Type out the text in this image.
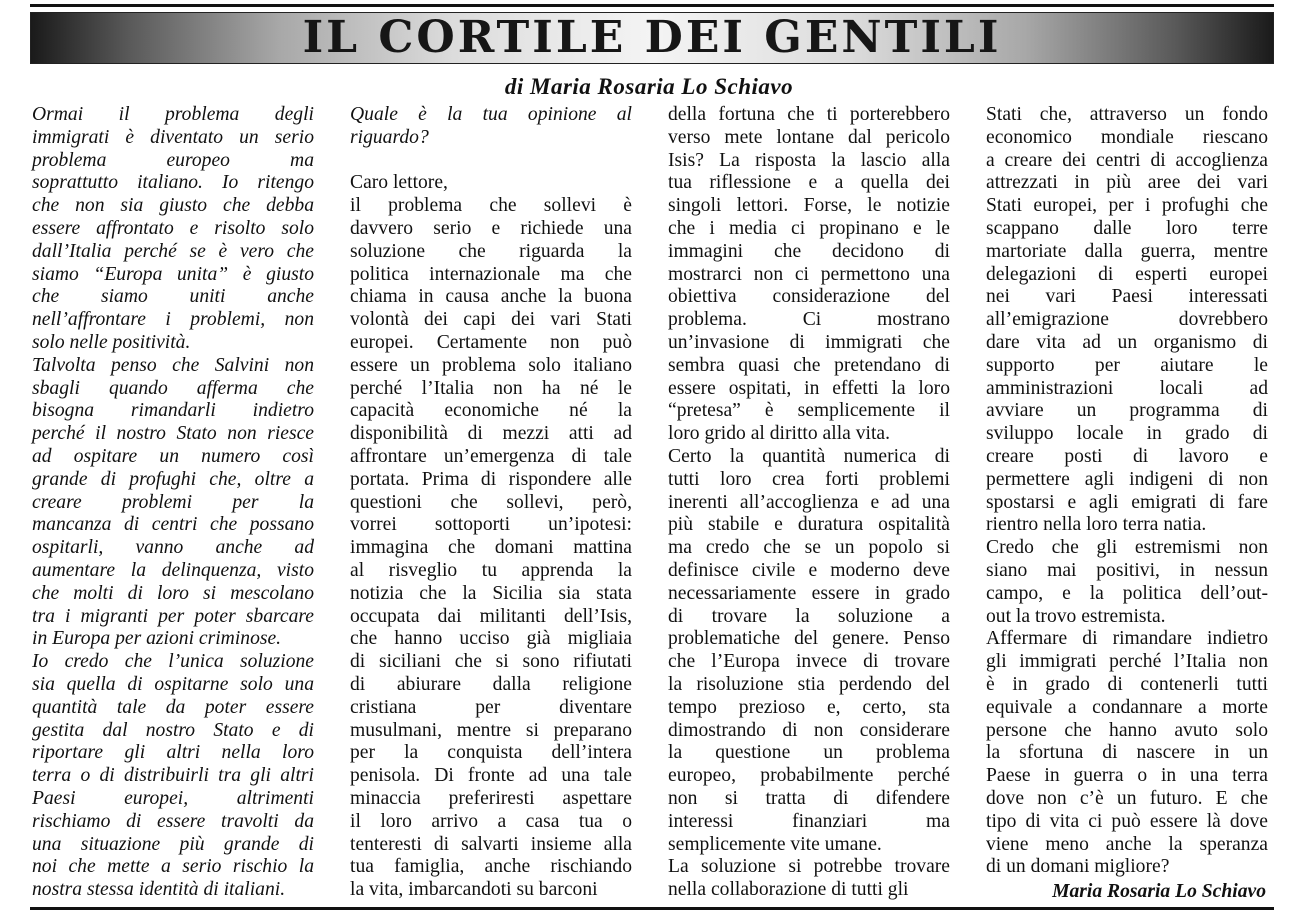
IL CORTILE DEI GENTILI
di Maria Rosaria Lo Schiavo
Ormai il problema degli
immigrati è diventato un serio
problema europeo ma
soprattutto italiano. Io ritengo
che non sia giusto che debba
essere affrontato e risolto solo
dall’Italia perché se è vero che
siamo “Europa unita” è giusto
che siamo uniti anche
nell’affrontare i problemi, non
solo nelle positività.
Talvolta penso che Salvini non
sbagli quando afferma che
bisogna rimandarli indietro
perché il nostro Stato non riesce
ad ospitare un numero così
grande di profughi che, oltre a
creare problemi per la
mancanza di centri che possano
ospitarli, vanno anche ad
aumentare la delinquenza, visto
che molti di loro si mescolano
tra i migranti per poter sbarcare
in Europa per azioni criminose.
Io credo che l’unica soluzione
sia quella di ospitarne solo una
quantità tale da poter essere
gestita dal nostro Stato e di
riportare gli altri nella loro
terra o di distribuirli tra gli altri
Paesi europei, altrimenti
rischiamo di essere travolti da
una situazione più grande di
noi che mette a serio rischio la
nostra stessa identità di italiani.
Quale è la tua opinione al
riguardo?
Caro lettore,
il problema che sollevi è
davvero serio e richiede una
soluzione che riguarda la
politica internazionale ma che
chiama in causa anche la buona
volontà dei capi dei vari Stati
europei. Certamente non può
essere un problema solo italiano
perché l’Italia non ha né le
capacità economiche né la
disponibilità di mezzi atti ad
affrontare un’emergenza di tale
portata. Prima di rispondere alle
questioni che sollevi, però,
vorrei sottoporti un’ipotesi:
immagina che domani mattina
al risveglio tu apprenda la
notizia che la Sicilia sia stata
occupata dai militanti dell’Isis,
che hanno ucciso già migliaia
di siciliani che si sono rifiutati
di abiurare dalla religione
cristiana per diventare
musulmani, mentre si preparano
per la conquista dell’intera
penisola. Di fronte ad una tale
minaccia preferiresti aspettare
il loro arrivo a casa tua o
tenteresti di salvarti insieme alla
tua famiglia, anche rischiando
la vita, imbarcandoti su barconi
della fortuna che ti porterebbero
verso mete lontane dal pericolo
Isis? La risposta la lascio alla
tua riflessione e a quella dei
singoli lettori. Forse, le notizie
che i media ci propinano e le
immagini che decidono di
mostrarci non ci permettono una
obiettiva considerazione del
problema. Ci mostrano
un’invasione di immigrati che
sembra quasi che pretendano di
essere ospitati, in effetti la loro
“pretesa” è semplicemente il
loro grido al diritto alla vita.
Certo la quantità numerica di
tutti loro crea forti problemi
inerenti all’accoglienza e ad una
più stabile e duratura ospitalità
ma credo che se un popolo si
definisce civile e moderno deve
necessariamente essere in grado
di trovare la soluzione a
problematiche del genere. Penso
che l’Europa invece di trovare
la risoluzione stia perdendo del
tempo prezioso e, certo, sta
dimostrando di non considerare
la questione un problema
europeo, probabilmente perché
non si tratta di difendere
interessi finanziari ma
semplicemente vite umane.
La soluzione si potrebbe trovare
nella collaborazione di tutti gli
Stati che, attraverso un fondo
economico mondiale riescano
a creare dei centri di accoglienza
attrezzati in più aree dei vari
Stati europei, per i profughi che
scappano dalle loro terre
martoriate dalla guerra, mentre
delegazioni di esperti europei
nei vari Paesi interessati
all’emigrazione dovrebbero
dare vita ad un organismo di
supporto per aiutare le
amministrazioni locali ad
avviare un programma di
sviluppo locale in grado di
creare posti di lavoro e
permettere agli indigeni di non
spostarsi e agli emigrati di fare
rientro nella loro terra natia.
Credo che gli estremismi non
siano mai positivi, in nessun
campo, e la politica dell’out-
out la trovo estremista.
Affermare di rimandare indietro
gli immigrati perché l’Italia non
è in grado di contenerli tutti
equivale a condannare a morte
persone che hanno avuto solo
la sfortuna di nascere in un
Paese in guerra o in una terra
dove non c’è un futuro. E che
tipo di vita ci può essere là dove
viene meno anche la speranza
di un domani migliore?
Maria Rosaria Lo Schiavo
